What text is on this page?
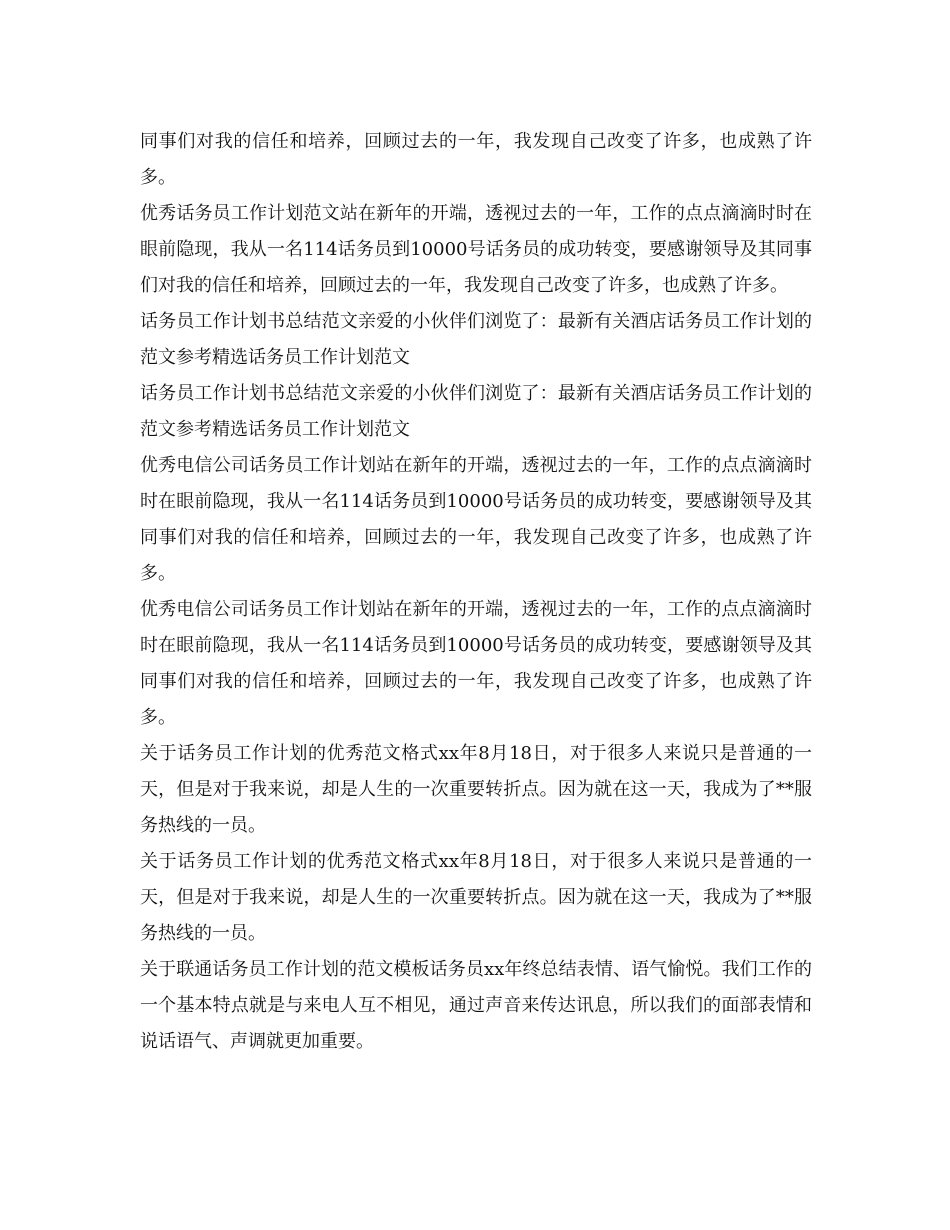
同事们对我的信任和培养，回顾过去的一年，我发现自己改变了许多，也成熟了许多。

优秀话务员工作计划范文站在新年的开端，透视过去的一年，工作的点点滴滴时时在眼前隐现，我从一名114话务员到10000号话务员的成功转变，要感谢领导及其同事们对我的信任和培养，回顾过去的一年，我发现自己改变了许多，也成熟了许多。

话务员工作计划书总结范文亲爱的小伙伴们浏览了：最新有关酒店话务员工作计划的范文参考精选话务员工作计划范文

话务员工作计划书总结范文亲爱的小伙伴们浏览了：最新有关酒店话务员工作计划的范文参考精选话务员工作计划范文

优秀电信公司话务员工作计划站在新年的开端，透视过去的一年，工作的点点滴滴时时在眼前隐现，我从一名114话务员到10000号话务员的成功转变，要感谢领导及其同事们对我的信任和培养，回顾过去的一年，我发现自己改变了许多，也成熟了许多。

优秀电信公司话务员工作计划站在新年的开端，透视过去的一年，工作的点点滴滴时时在眼前隐现，我从一名114话务员到10000号话务员的成功转变，要感谢领导及其同事们对我的信任和培养，回顾过去的一年，我发现自己改变了许多，也成熟了许多。

关于话务员工作计划的优秀范文格式xx年8月18日，对于很多人来说只是普通的一天，但是对于我来说，却是人生的一次重要转折点。因为就在这一天，我成为了**服务热线的一员。

关于话务员工作计划的优秀范文格式xx年8月18日，对于很多人来说只是普通的一天，但是对于我来说，却是人生的一次重要转折点。因为就在这一天，我成为了**服务热线的一员。

关于联通话务员工作计划的范文模板话务员xx年终总结表情、语气愉悦。我们工作的一个基本特点就是与来电人互不相见，通过声音来传达讯息，所以我们的面部表情和说话语气、声调就更加重要。
